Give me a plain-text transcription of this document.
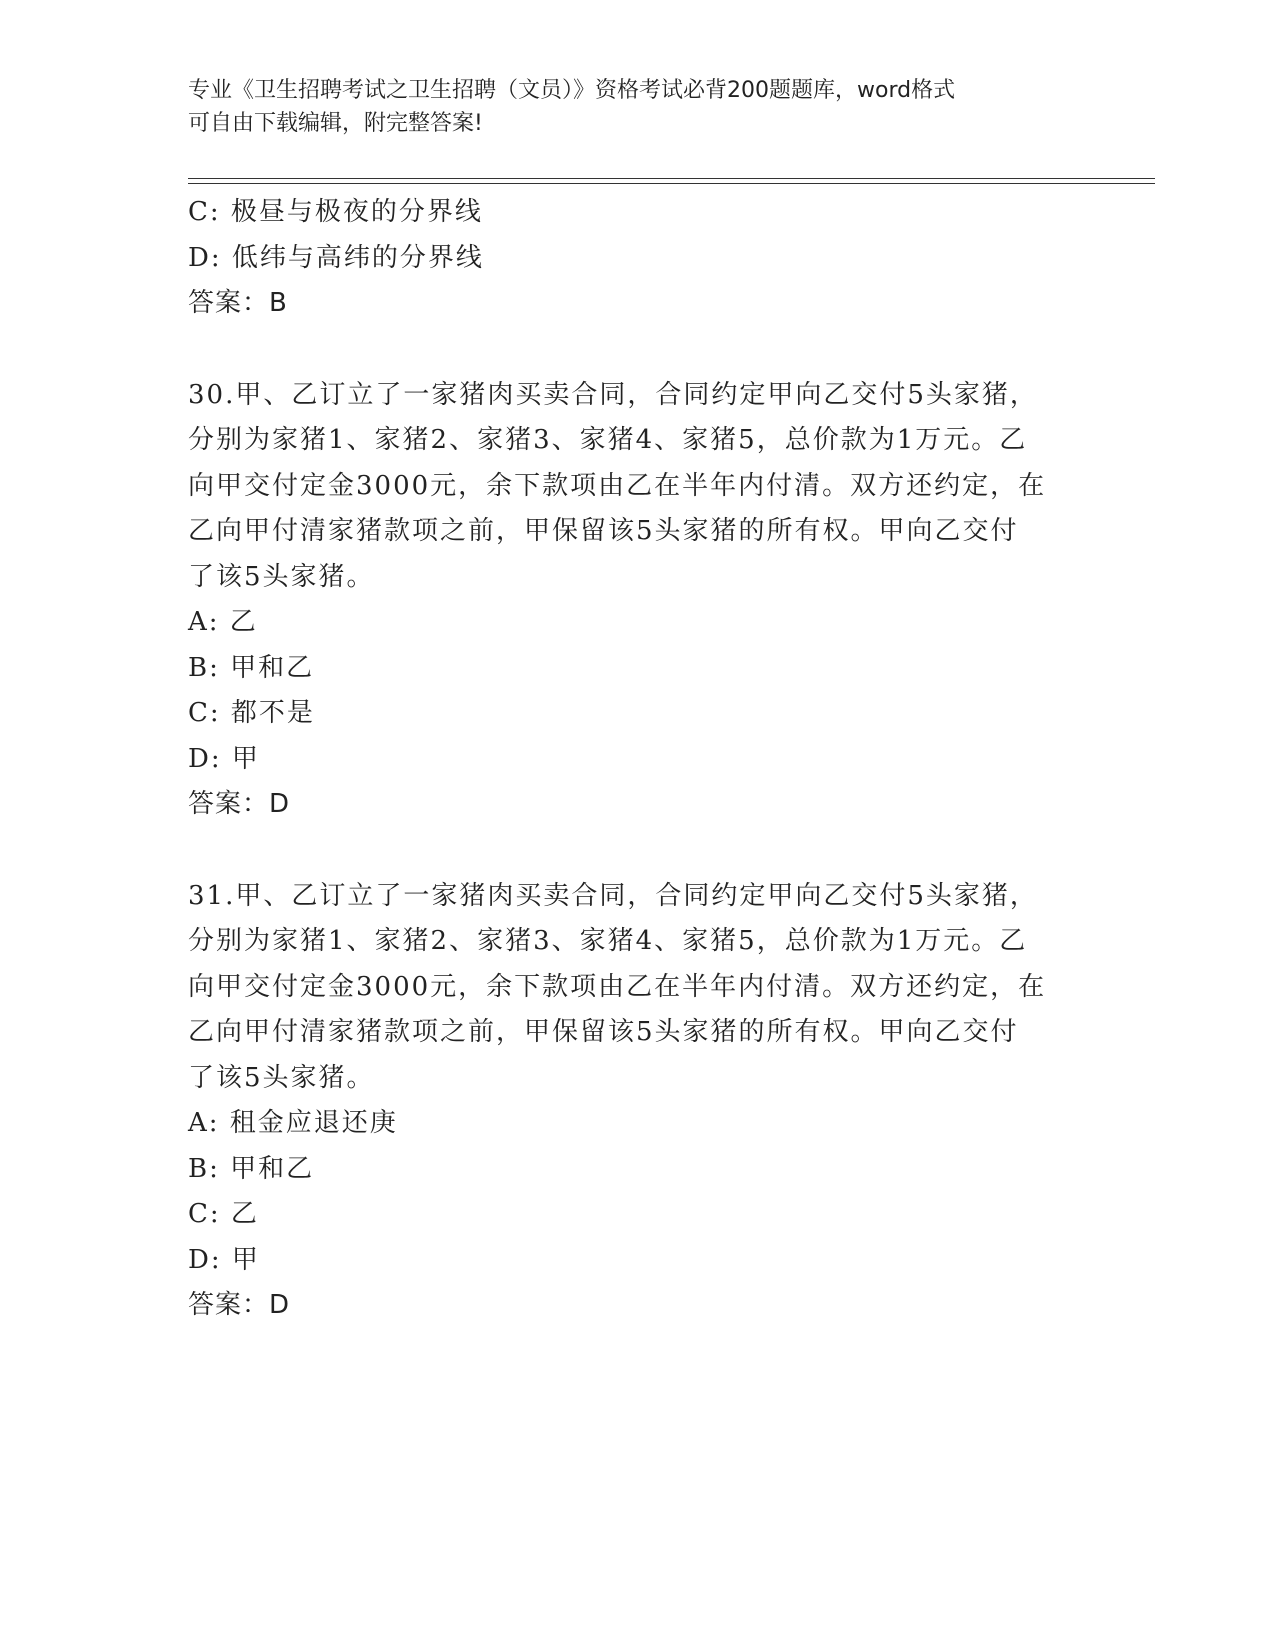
专业《卫生招聘考试之卫生招聘（文员）》资格考试必背200题题库，word格式
可自由下载编辑，附完整答案!
C: 极昼与极夜的分界线
D: 低纬与高纬的分界线
答案：B
30.甲、乙订立了一家猪肉买卖合同，合同约定甲向乙交付5头家猪，
分别为家猪1、家猪2、家猪3、家猪4、家猪5，总价款为1万元。乙
向甲交付定金3000元，余下款项由乙在半年内付清。双方还约定，在
乙向甲付清家猪款项之前，甲保留该5头家猪的所有权。甲向乙交付
了该5头家猪。
A: 乙
B: 甲和乙
C: 都不是
D: 甲
答案：D
31.甲、乙订立了一家猪肉买卖合同，合同约定甲向乙交付5头家猪，
分别为家猪1、家猪2、家猪3、家猪4、家猪5，总价款为1万元。乙
向甲交付定金3000元，余下款项由乙在半年内付清。双方还约定，在
乙向甲付清家猪款项之前，甲保留该5头家猪的所有权。甲向乙交付
了该5头家猪。
A: 租金应退还庚
B: 甲和乙
C: 乙
D: 甲
答案：D
